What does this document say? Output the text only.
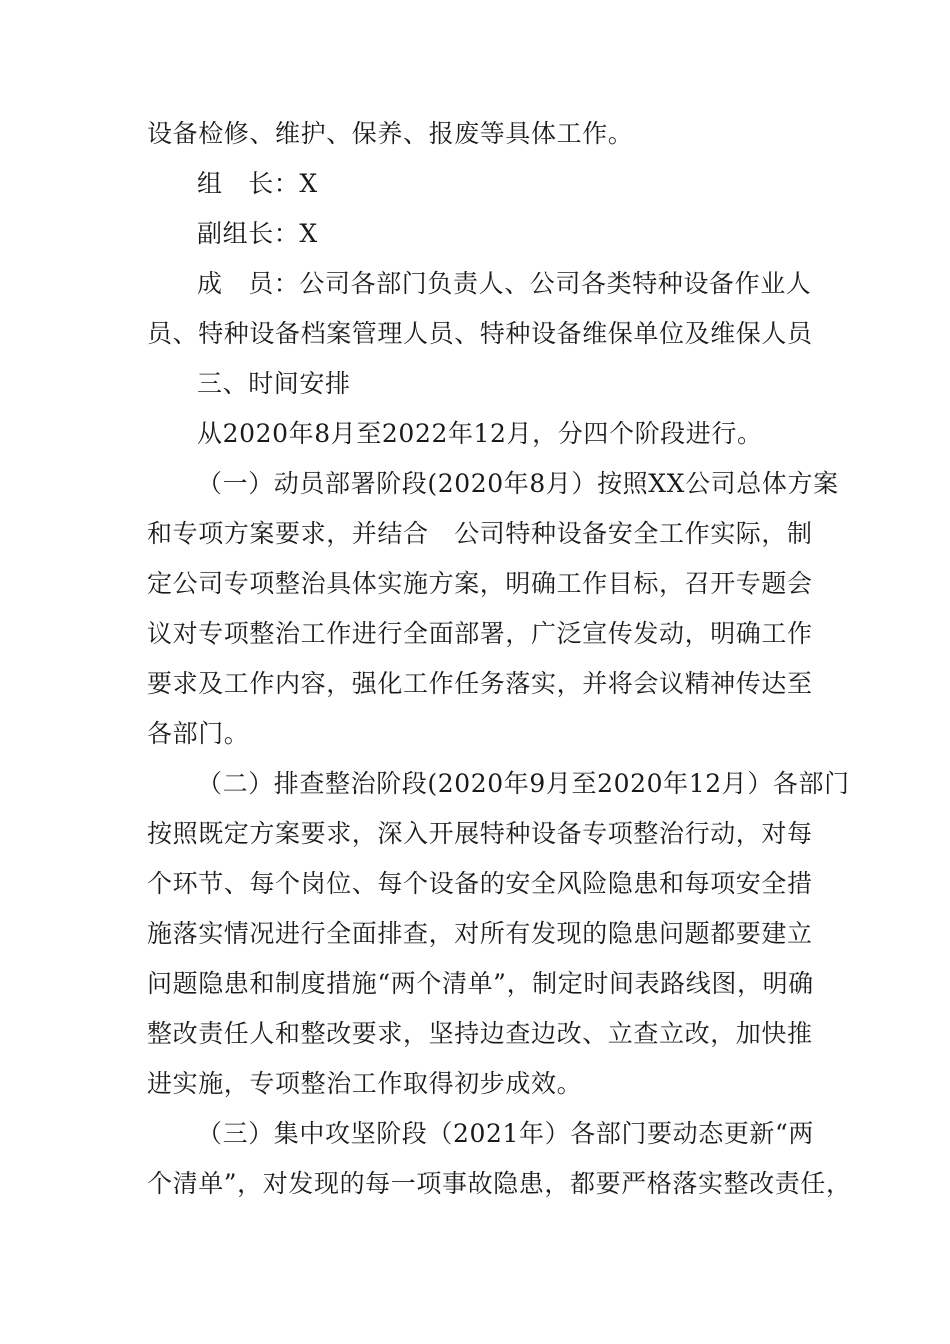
设备检修、维护、保养、报废等具体工作。
组　长：X
副组长：X
成　员：公司各部门负责人、公司各类特种设备作业人
员、特种设备档案管理人员、特种设备维保单位及维保人员
三、时间安排
从2020年8月至2022年12月，分四个阶段进行。
（一）动员部署阶段(2020年8月）按照XX公司总体方案
和专项方案要求，并结合　公司特种设备安全工作实际，制
定公司专项整治具体实施方案，明确工作目标，召开专题会
议对专项整治工作进行全面部署，广泛宣传发动，明确工作
要求及工作内容，强化工作任务落实，并将会议精神传达至
各部门。
（二）排查整治阶段(2020年9月至2020年12月）各部门
按照既定方案要求，深入开展特种设备专项整治行动，对每
个环节、每个岗位、每个设备的安全风险隐患和每项安全措
施落实情况进行全面排查，对所有发现的隐患问题都要建立
问题隐患和制度措施“两个清单”，制定时间表路线图，明确
整改责任人和整改要求，坚持边查边改、立查立改，加快推
进实施，专项整治工作取得初步成效。
（三）集中攻坚阶段（2021年）各部门要动态更新“两
个清单”，对发现的每一项事故隐患，都要严格落实整改责任，
